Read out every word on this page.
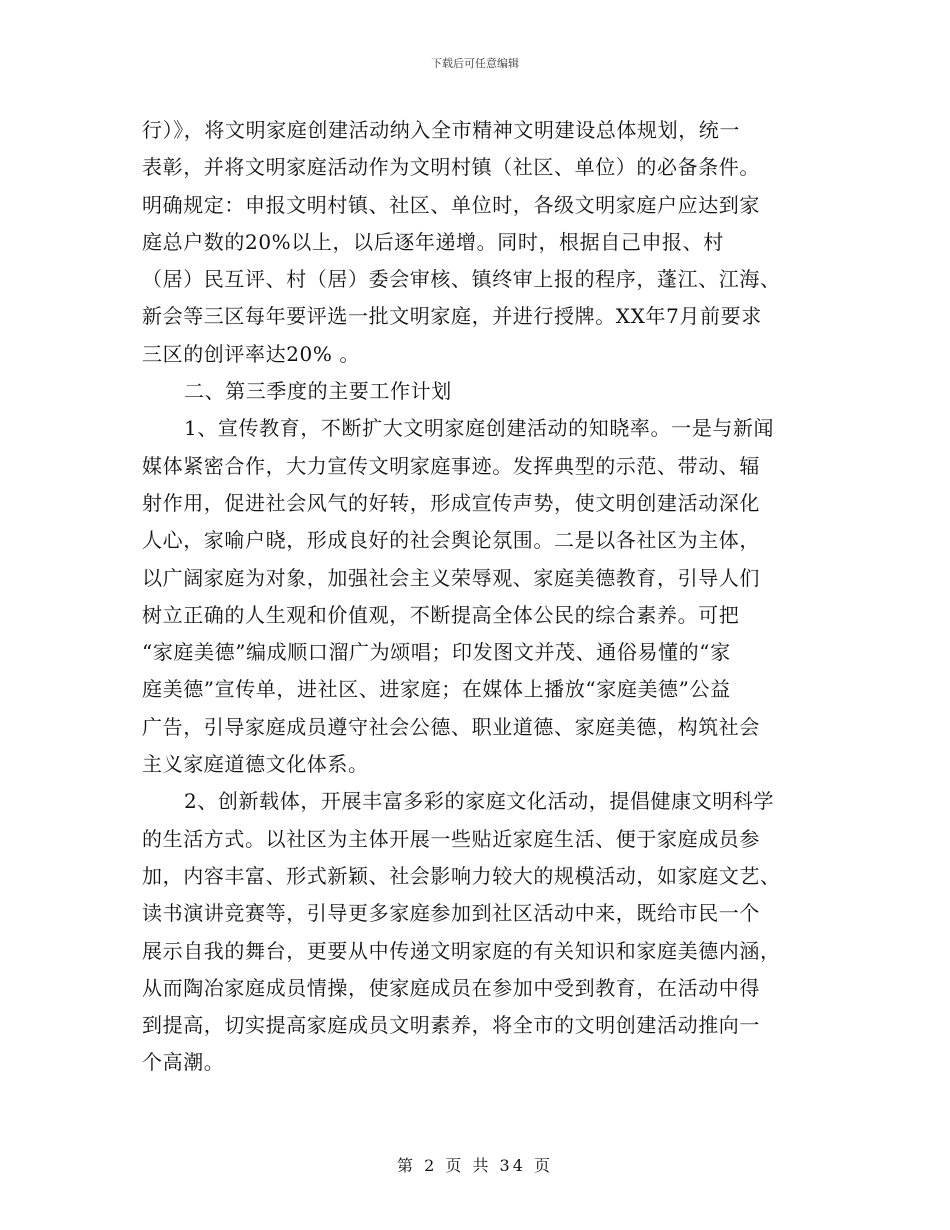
下载后可任意编辑
行）》，将文明家庭创建活动纳入全市精神文明建设总体规划，统一
表彰，并将文明家庭活动作为文明村镇（社区、单位）的必备条件。
明确规定：申报文明村镇、社区、单位时，各级文明家庭户应达到家
庭总户数的20%以上，以后逐年递增。同时，根据自己申报、村
（居）民互评、村（居）委会审核、镇终审上报的程序，蓬江、江海、
新会等三区每年要评选一批文明家庭，并进行授牌。XX年7月前要求
三区的创评率达20% 。
二、第三季度的主要工作计划
1、宣传教育，不断扩大文明家庭创建活动的知晓率。一是与新闻
媒体紧密合作，大力宣传文明家庭事迹。发挥典型的示范、带动、辐
射作用，促进社会风气的好转，形成宣传声势，使文明创建活动深化
人心，家喻户晓，形成良好的社会舆论氛围。二是以各社区为主体，
以广阔家庭为对象，加强社会主义荣辱观、家庭美德教育，引导人们
树立正确的人生观和价值观，不断提高全体公民的综合素养。可把
“家庭美德”编成顺口溜广为颂唱；印发图文并茂、通俗易懂的“家
庭美德”宣传单，进社区、进家庭；在媒体上播放“家庭美德”公益
广告，引导家庭成员遵守社会公德、职业道德、家庭美德，构筑社会
主义家庭道德文化体系。
2、创新载体，开展丰富多彩的家庭文化活动，提倡健康文明科学
的生活方式。以社区为主体开展一些贴近家庭生活、便于家庭成员参
加，内容丰富、形式新颖、社会影响力较大的规模活动，如家庭文艺、
读书演讲竞赛等，引导更多家庭参加到社区活动中来，既给市民一个
展示自我的舞台，更要从中传递文明家庭的有关知识和家庭美德内涵，
从而陶冶家庭成员情操，使家庭成员在参加中受到教育，在活动中得
到提高，切实提高家庭成员文明素养，将全市的文明创建活动推向一
个高潮。
第 2 页 共 34 页
